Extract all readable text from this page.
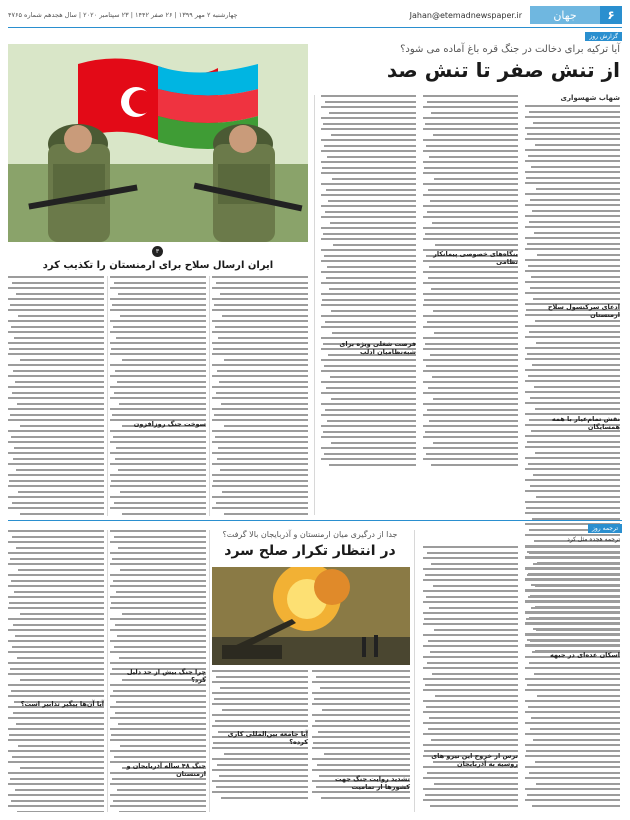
۶
جهان
Jahan@etemadnewspaper.ir
چهارشنبه ۲ مهر ۱۳۹۹ | ۲۶ صفر ۱۴۴۲ | ۲۳ سپتامبر ۲۰۲۰ | سال هجدهم شماره ۴۷۶۵
گزارش روز
آیا ترکیه برای دخالت در جنگ قره باغ آماده می شود؟
از تنش صفر تا تنش صد
شهاب شهسواری
ادعای سرکنسول سلاح ارمنستان
نقش تمام‌عیار با همه همسایگان
بنگاه‌های خصوصی پیمانکار نظامی
فرصت شغلی ویژه برای شبه‌نظامیان ادلب
۳
ایران ارسال سلاح برای ارمنستان را تکذیب کرد
سوخت جنگ روزافزون
ترجمه روز
ترجمه هجده مثل کرد
جدا از درگیری میان ارمنستان و آذربایجان بالا گرفت؟
در انتظار تکرار صلح سرد
اسکان عده‌ای در جبهه
ترس از خروج این نیرو های روسیه به آذربایجان
تشدید روایت جنگ جهت کشورها از تمامیت
آیا جامعه بین‌المللی کاری کرده؟
چرا جنگ بیش از حد دلیل گرد؟
جنگ ۴۸ ساله آذربایجان و ارمنستان
آیا آن‌ها پیگیر تدابیر است؟
